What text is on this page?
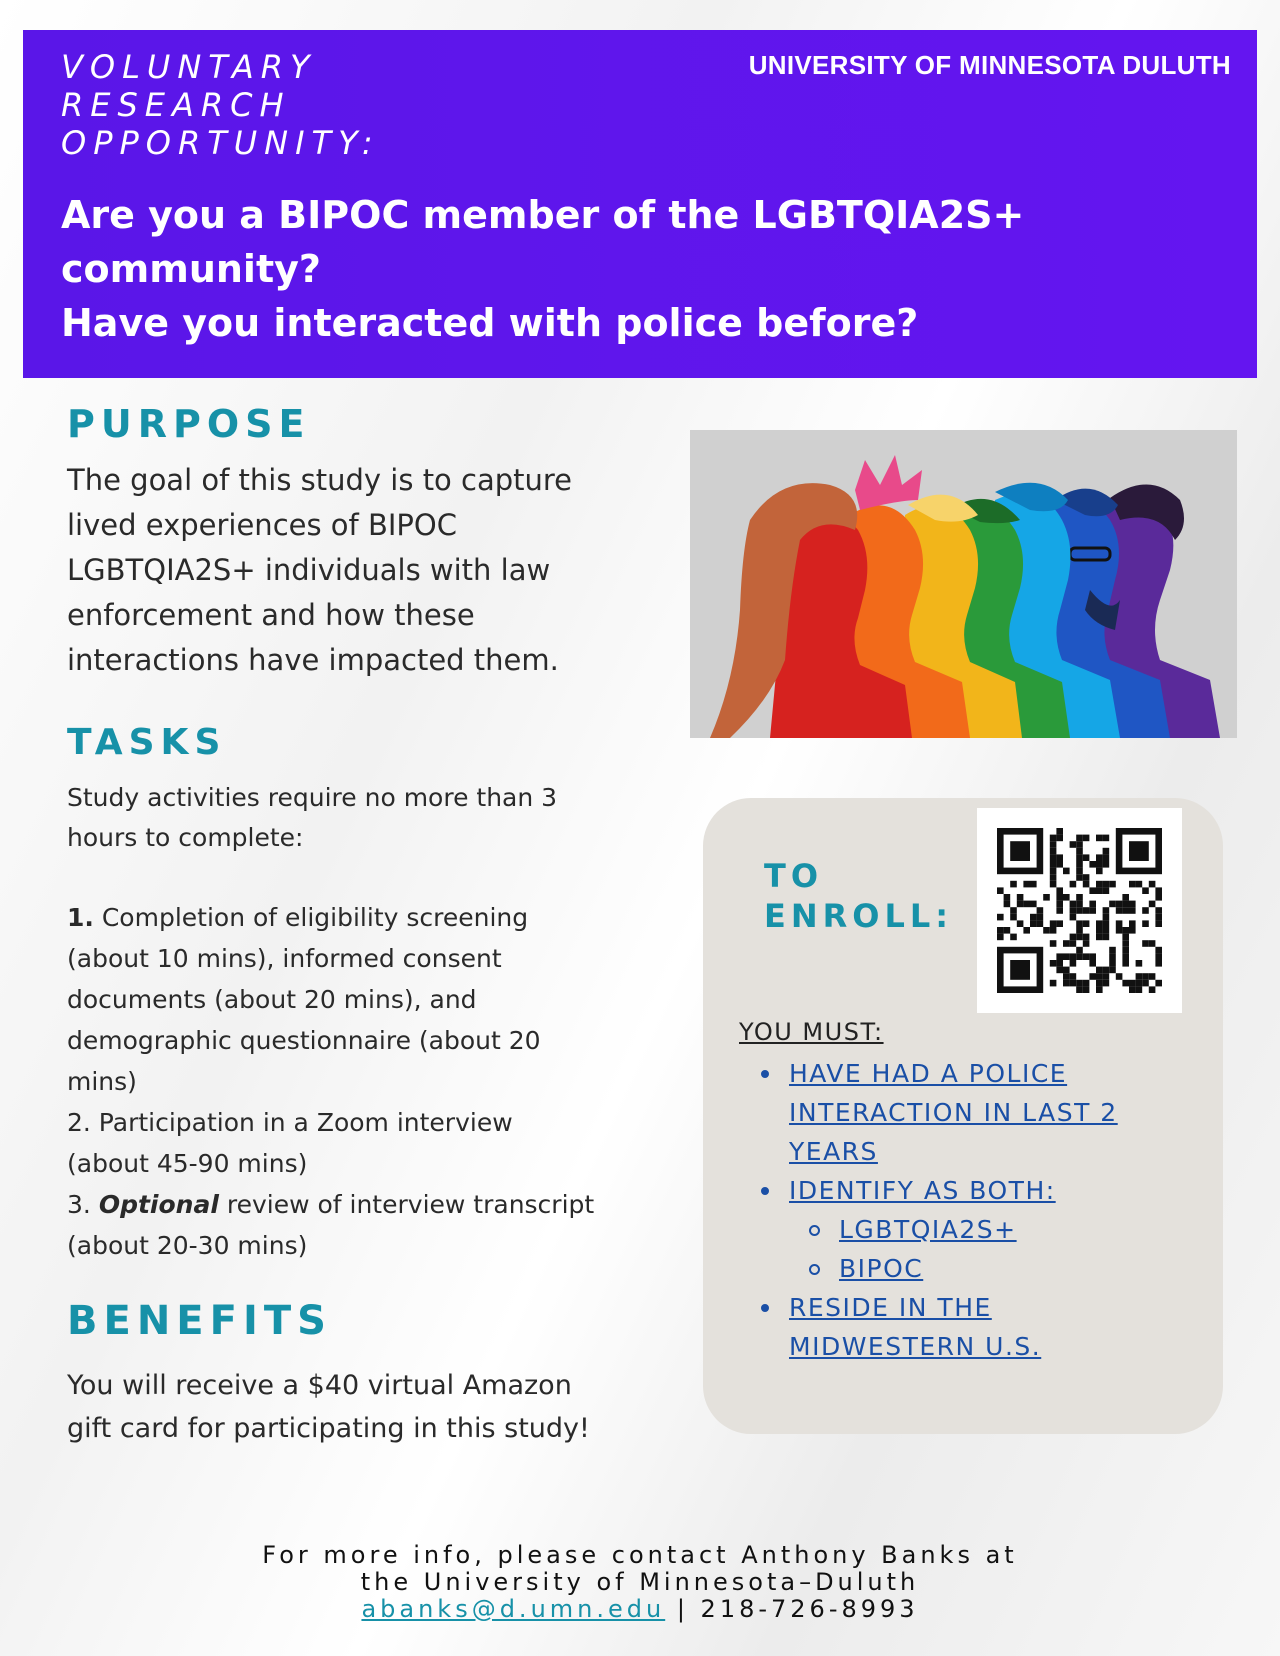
VOLUNTARY
RESEARCH
OPPORTUNITY:
UNIVERSITY OF MINNESOTA DULUTH
Are you a BIPOC member of the LGBTQIA2S+
community?
Have you interacted with police before?
PURPOSE
The goal of this study is to capture
lived experiences of BIPOC
LGBTQIA2S+ individuals with law
enforcement and how these
interactions have impacted them.
TASKS
Study activities require no more than 3
hours to complete:
1. Completion of eligibility screening
(about 10 mins), informed consent
documents (about 20 mins), and
demographic questionnaire (about 20
mins)
2. Participation in a Zoom interview
(about 45-90 mins)
3. Optional review of interview transcript
(about 20-30 mins)
BENEFITS
You will receive a $40 virtual Amazon
gift card for participating in this study!
TO
ENROLL:
YOU MUST:
HAVE HAD A POLICE
INTERACTION IN LAST 2
YEARS
IDENTIFY AS BOTH:
LGBTQIA2S+
BIPOC
RESIDE IN THE
MIDWESTERN U.S.
For more info, please contact Anthony Banks at
the University of Minnesota–Duluth
abanks@d.umn.edu | 218-726-8993
